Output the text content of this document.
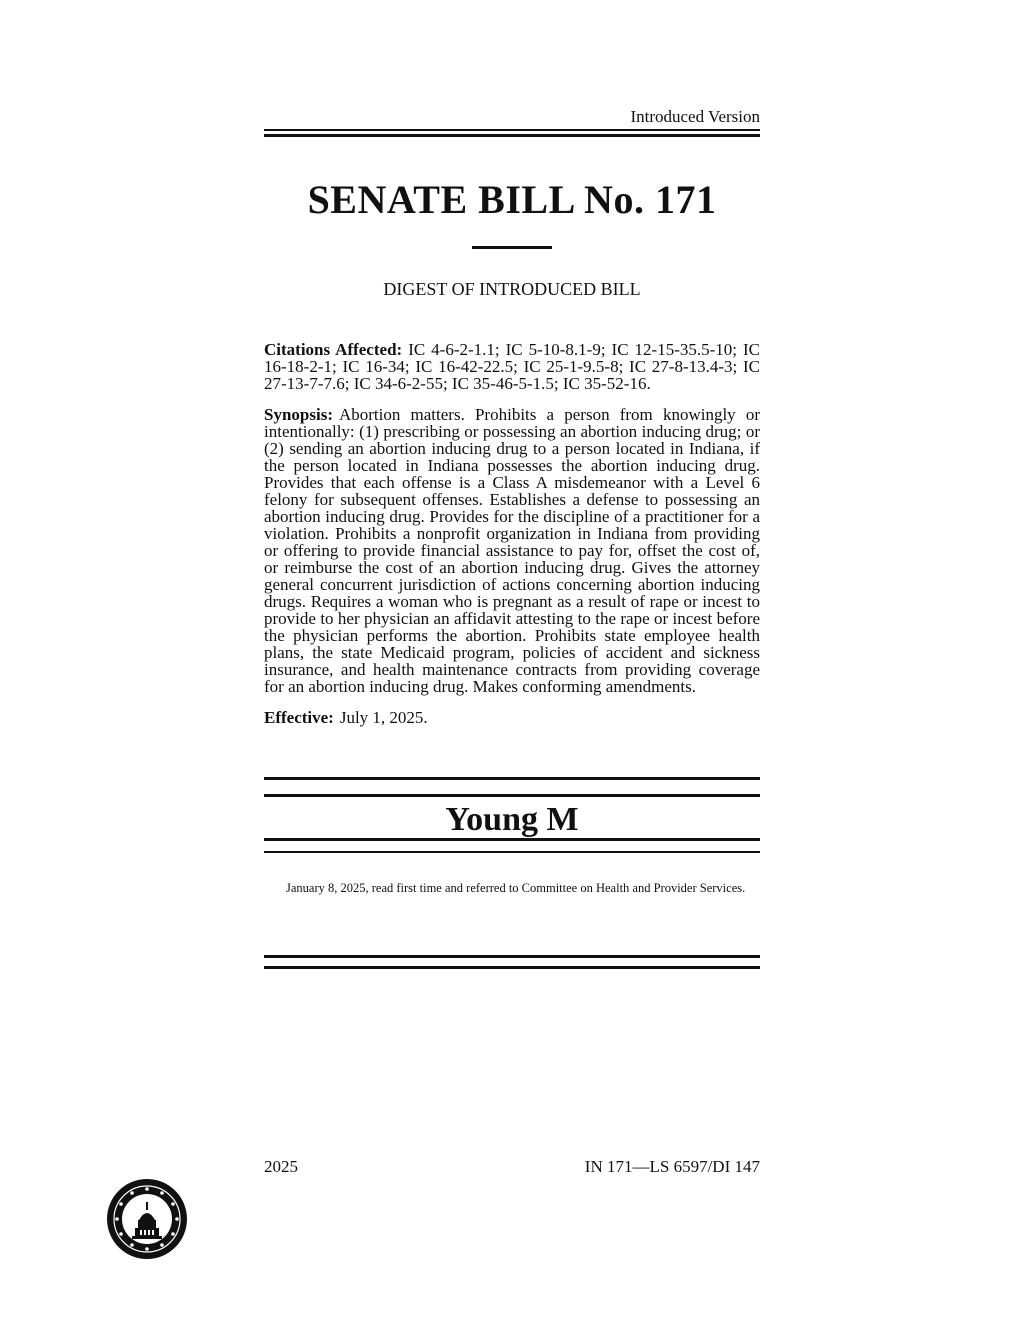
Introduced Version
SENATE BILL No. 171
DIGEST OF INTRODUCED BILL

Citations Affected: IC 4-6-2-1.1; IC 5-10-8.1-9; IC 12-15-35.5-10; IC 16-18-2-1; IC 16-34; IC 16-42-22.5; IC 25-1-9.5-8; IC 27-8-13.4-3; IC 27-13-7-7.6; IC 34-6-2-55; IC 35-46-5-1.5; IC 35-52-16.

Synopsis: Abortion matters. Prohibits a person from knowingly or intentionally: (1) prescribing or possessing an abortion inducing drug; or (2) sending an abortion inducing drug to a person located in Indiana, if the person located in Indiana possesses the abortion inducing drug. Provides that each offense is a Class A misdemeanor with a Level 6 felony for subsequent offenses. Establishes a defense to possessing an abortion inducing drug. Provides for the discipline of a practitioner for a violation. Prohibits a nonprofit organization in Indiana from providing or offering to provide financial assistance to pay for, offset the cost of, or reimburse the cost of an abortion inducing drug. Gives the attorney general concurrent jurisdiction of actions concerning abortion inducing drugs. Requires a woman who is pregnant as a result of rape or incest to provide to her physician an affidavit attesting to the rape or incest before the physician performs the abortion. Prohibits state employee health plans, the state Medicaid program, policies of accident and sickness insurance, and health maintenance contracts from providing coverage for an abortion inducing drug. Makes conforming amendments.

Effective: July 1, 2025.

Young M
January 8, 2025, read first time and referred to Committee on Health and Provider Services.
2025	IN 171—LS 6597/DI 147
